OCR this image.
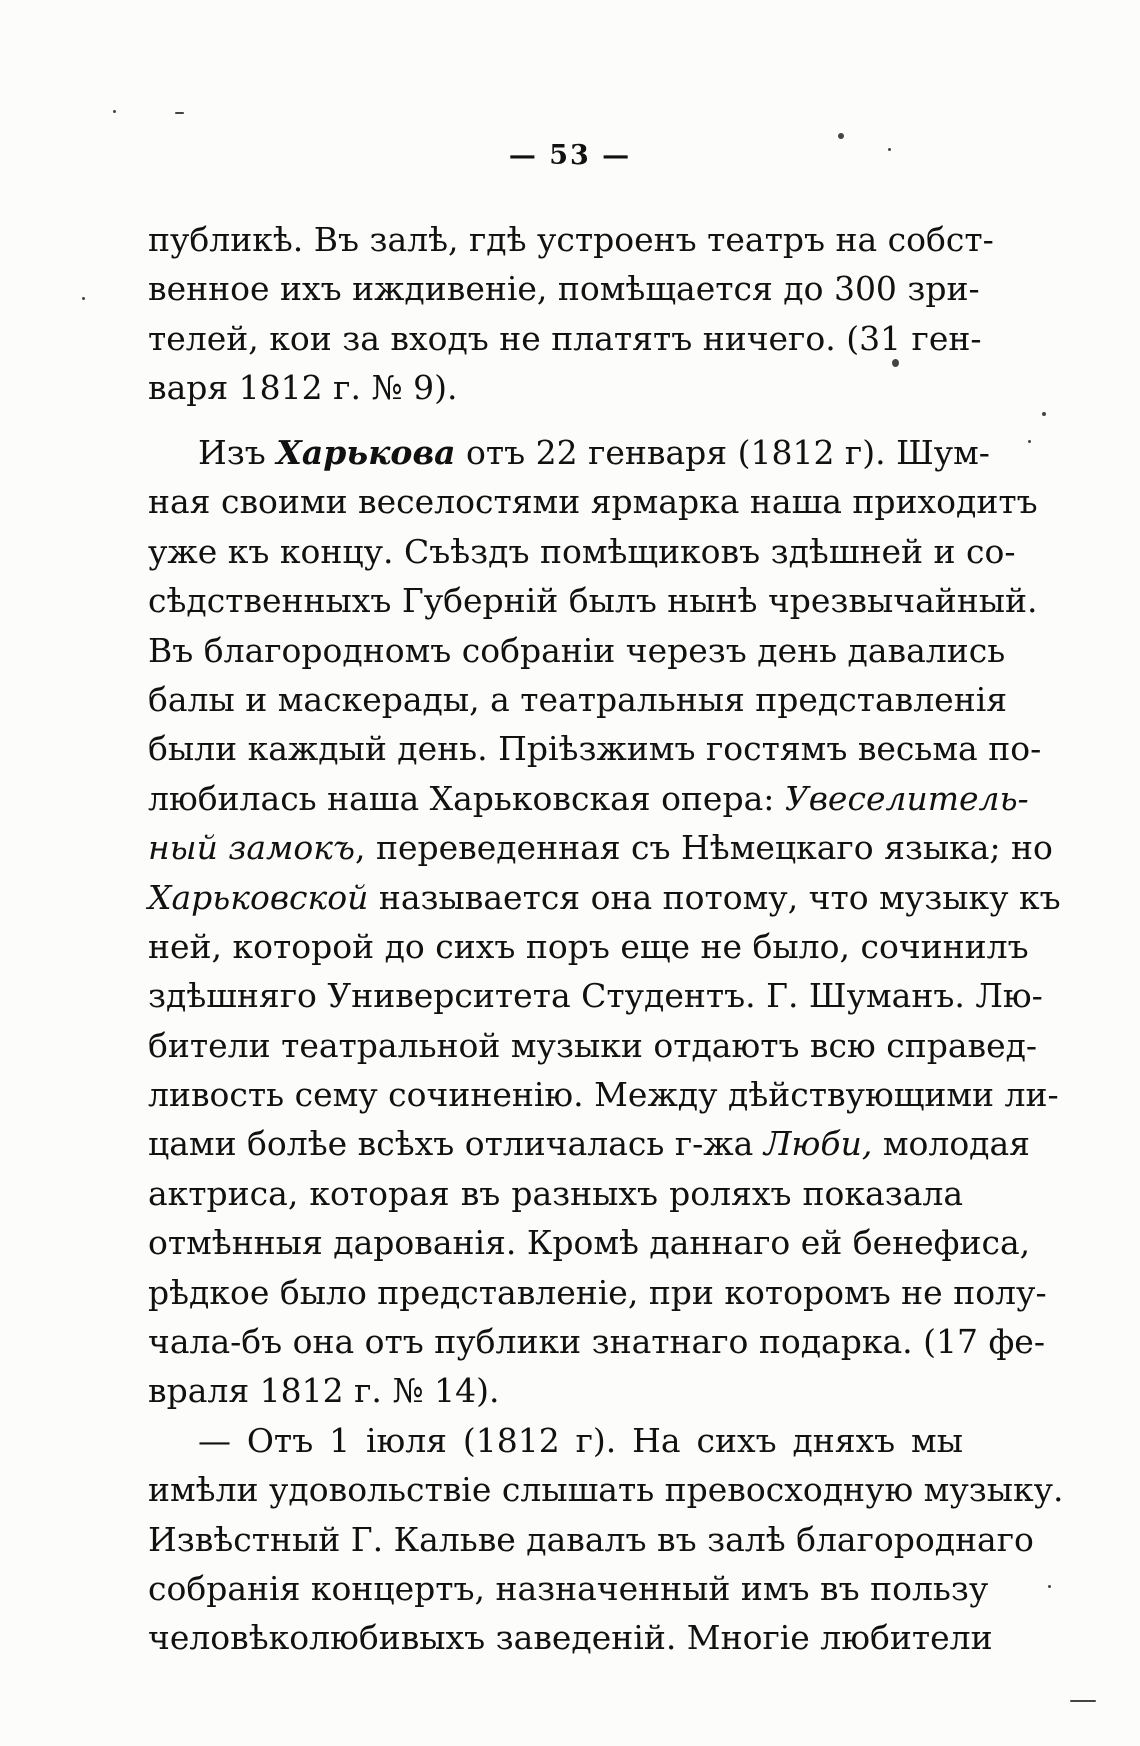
— 53 —
публикѣ. Въ залѣ, гдѣ устроенъ театръ на собст-
венное ихъ иждивеніе, помѣщается до 300 зри-
телей, кои за входъ не платятъ ничего. (31 ген-
варя 1812 г. № 9).
Изъ Харькова отъ 22 генваря (1812 г). Шум-
ная своими веселостями ярмарка наша приходитъ
уже къ концу. Съѣздъ помѣщиковъ здѣшней и со-
сѣдственныхъ Губерній былъ нынѣ чрезвычайный.
Въ благородномъ собраніи черезъ день давались
балы и маскерады, а театральныя представленія
были каждый день. Пріѣзжимъ гостямъ весьма по-
любилась наша Харьковская опера: Увеселитель-
ный замокъ, переведенная съ Нѣмецкаго языка; но
Харьковской называется она потому, что музыку къ
ней, которой до сихъ поръ еще не было, сочинилъ
здѣшняго Университета Студентъ. Г. Шуманъ. Лю-
бители театральной музыки отдаютъ всю справед-
ливость сему сочиненію. Между дѣйствующими ли-
цами болѣе всѣхъ отличалась г-жа Люби, молодая
актриса, которая въ разныхъ роляхъ показала
отмѣнныя дарованія. Кромѣ даннаго ей бенефиса,
рѣдкое было представленіе, при которомъ не полу-
чала-бъ она отъ публики знатнаго подарка. (17 фе-
враля 1812 г. № 14).
— Отъ 1 іюля (1812 г). На сихъ дняхъ мы
имѣли удовольствіе слышать превосходную музыку.
Извѣстный Г. Кальве давалъ въ залѣ благороднаго
собранія концертъ, назначенный имъ въ пользу
человѣколюбивыхъ заведеній. Многіе любители
